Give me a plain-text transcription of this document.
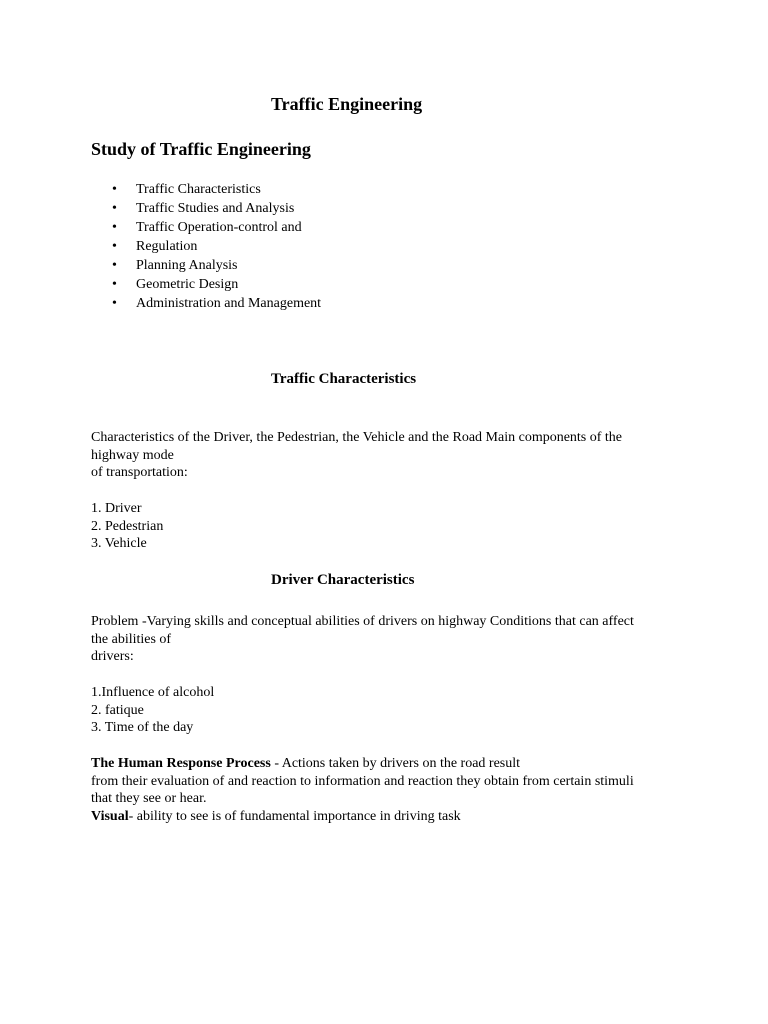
Traffic Engineering
Study of Traffic Engineering
• Traffic Characteristics
• Traffic Studies and Analysis
• Traffic Operation-control and
• Regulation
• Planning Analysis
• Geometric Design
• Administration and Management
Traffic Characteristics
Characteristics of the Driver, the Pedestrian, the Vehicle and the Road Main components of the
highway mode
of transportation:
1. Driver
2. Pedestrian
3. Vehicle
Driver Characteristics
Problem -Varying skills and conceptual abilities of drivers on highway Conditions that can affect
the abilities of
drivers:
1.Influence of alcohol
2. fatique
3. Time of the day
The Human Response Process - Actions taken by drivers on the road result
from their evaluation of and reaction to information and reaction they obtain from certain stimuli
that they see or hear.
Visual- ability to see is of fundamental importance in driving task
